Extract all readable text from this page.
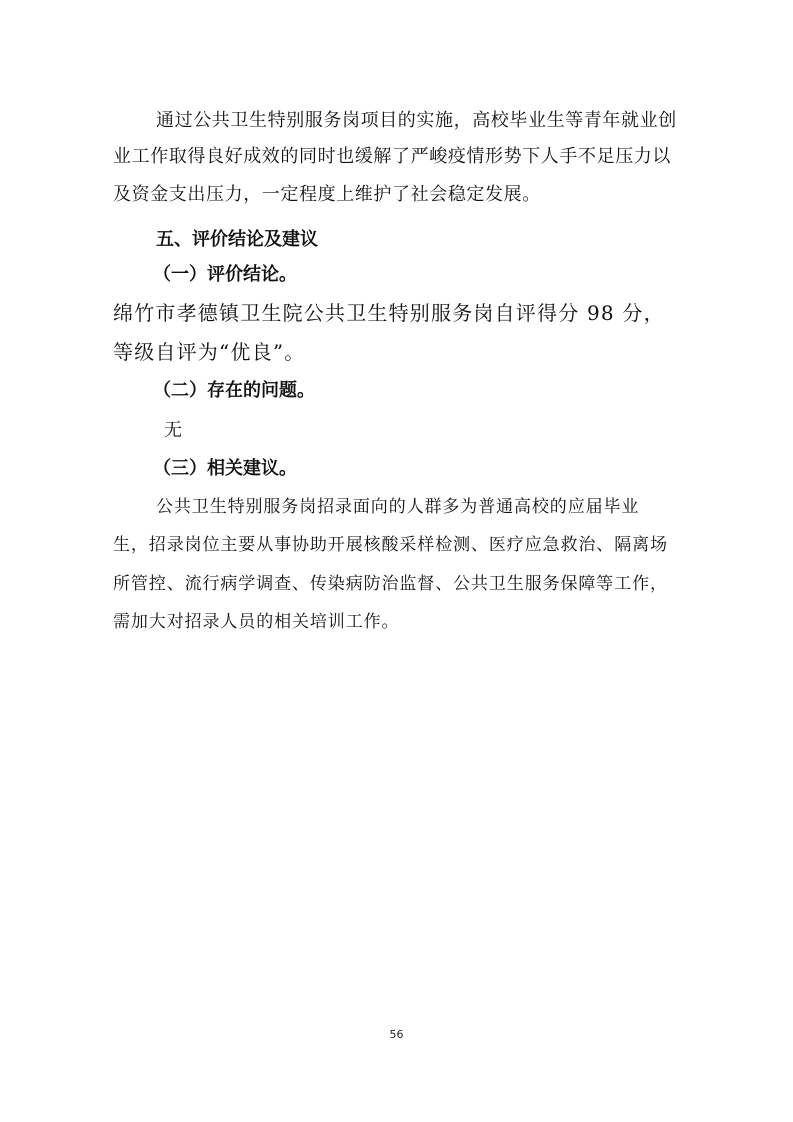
通过公共卫生特别服务岗项目的实施，高校毕业生等青年就业创
业工作取得良好成效的同时也缓解了严峻疫情形势下人手不足压力以
及资金支出压力，一定程度上维护了社会稳定发展。
五、评价结论及建议
（一）评价结论。
绵竹市孝德镇卫生院公共卫生特别服务岗自评得分 98 分，
等级自评为“优良”。
（二）存在的问题。
无
（三）相关建议。
公共卫生特别服务岗招录面向的人群多为普通高校的应届毕业
生，招录岗位主要从事协助开展核酸采样检测、医疗应急救治、隔离场
所管控、流行病学调查、传染病防治监督、公共卫生服务保障等工作，
需加大对招录人员的相关培训工作。
56
